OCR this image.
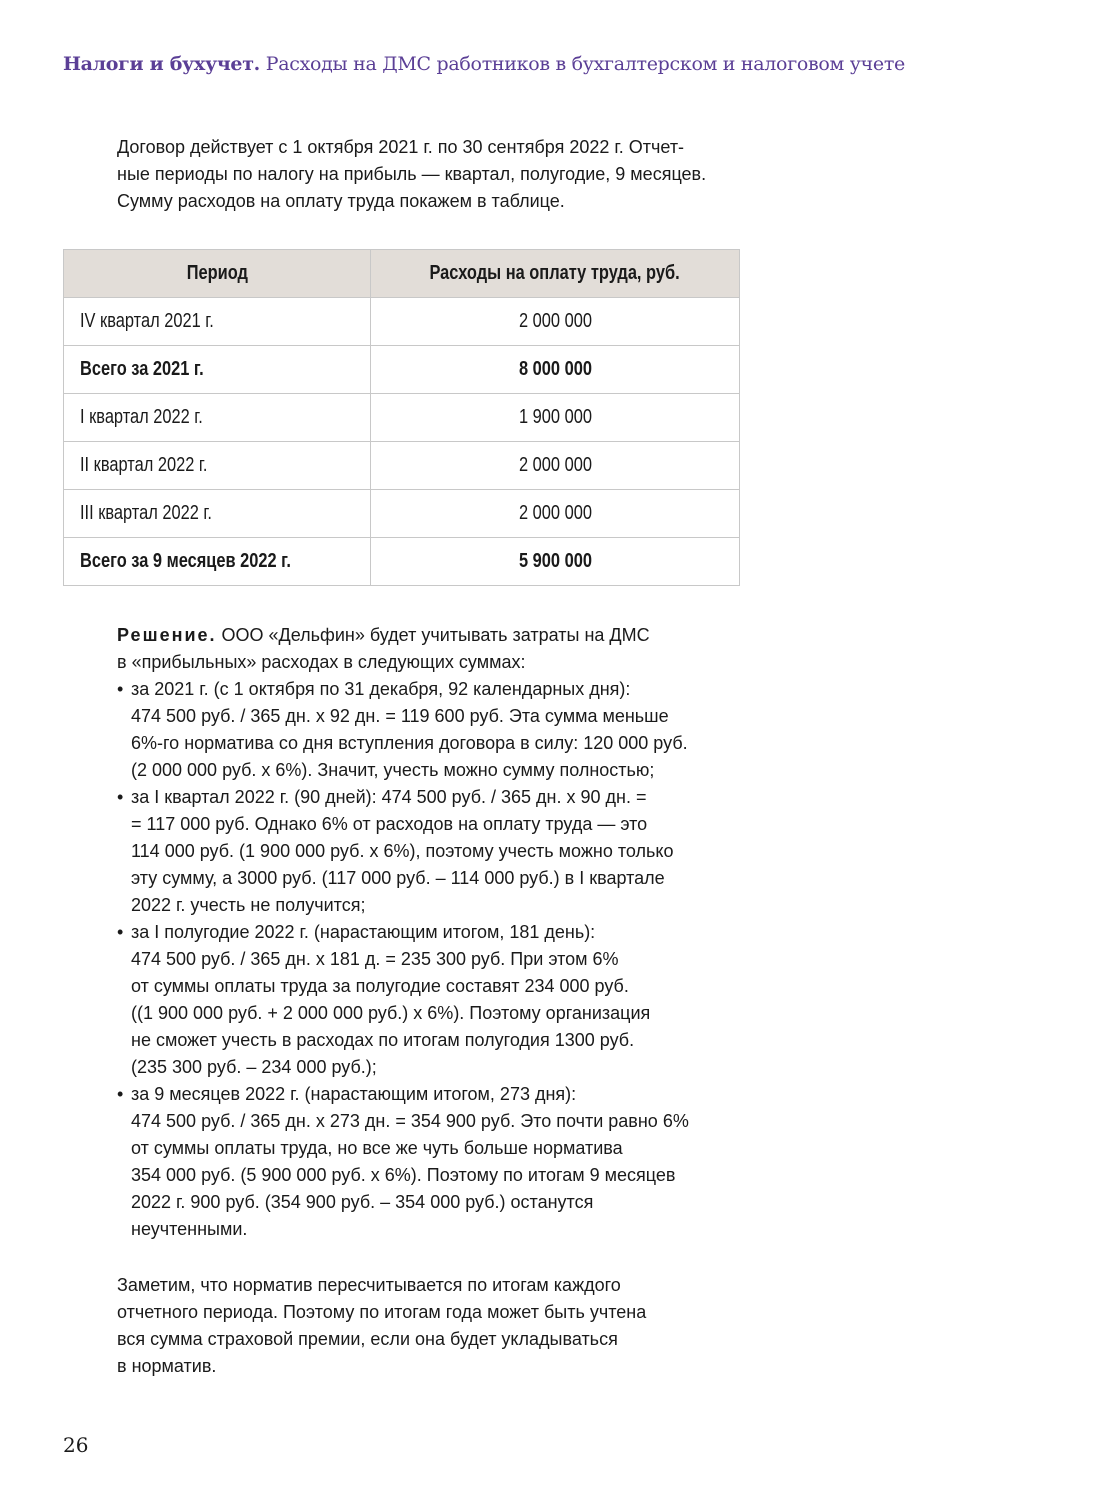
Налоги и бухучет. Расходы на ДМС работников в бухгалтерском и налоговом учете
Договор действует с 1 октября 2021 г. по 30 сентября 2022 г. Отчет-
ные периоды по налогу на прибыль — квартал, полугодие, 9 месяцев.
Сумму расходов на оплату труда покажем в таблице.
Период	Расходы на оплату труда, руб.
IV квартал 2021 г.	2 000 000
Всего за 2021 г.	8 000 000
I квартал 2022 г.	1 900 000
II квартал 2022 г.	2 000 000
III квартал 2022 г.	2 000 000
Всего за 9 месяцев 2022 г.	5 900 000
Решение. ООО «Дельфин» будет учитывать затраты на ДМС
в «прибыльных» расходах в следующих суммах:
• за 2021 г. (с 1 октября по 31 декабря, 92 календарных дня):
474 500 руб. / 365 дн. х 92 дн. = 119 600 руб. Эта сумма меньше
6%-го норматива со дня вступления договора в силу: 120 000 руб.
(2 000 000 руб. х 6%). Значит, учесть можно сумму полностью;
• за I квартал 2022 г. (90 дней): 474 500 руб. / 365 дн. х 90 дн. =
= 117 000 руб. Однако 6% от расходов на оплату труда — это
114 000 руб. (1 900 000 руб. х 6%), поэтому учесть можно только
эту сумму, а 3000 руб. (117 000 руб. – 114 000 руб.) в I квартале
2022 г. учесть не получится;
• за I полугодие 2022 г. (нарастающим итогом, 181 день):
474 500 руб. / 365 дн. х 181 д. = 235 300 руб. При этом 6%
от суммы оплаты труда за полугодие составят 234 000 руб.
((1 900 000 руб. + 2 000 000 руб.) х 6%). Поэтому организация
не сможет учесть в расходах по итогам полугодия 1300 руб.
(235 300 руб. – 234 000 руб.);
• за 9 месяцев 2022 г. (нарастающим итогом, 273 дня):
474 500 руб. / 365 дн. х 273 дн. = 354 900 руб. Это почти равно 6%
от суммы оплаты труда, но все же чуть больше норматива
354 000 руб. (5 900 000 руб. х 6%). Поэтому по итогам 9 месяцев
2022 г. 900 руб. (354 900 руб. – 354 000 руб.) останутся
неучтенными.
Заметим, что норматив пересчитывается по итогам каждого
отчетного периода. Поэтому по итогам года может быть учтена
вся сумма страховой премии, если она будет укладываться
в норматив.
26
